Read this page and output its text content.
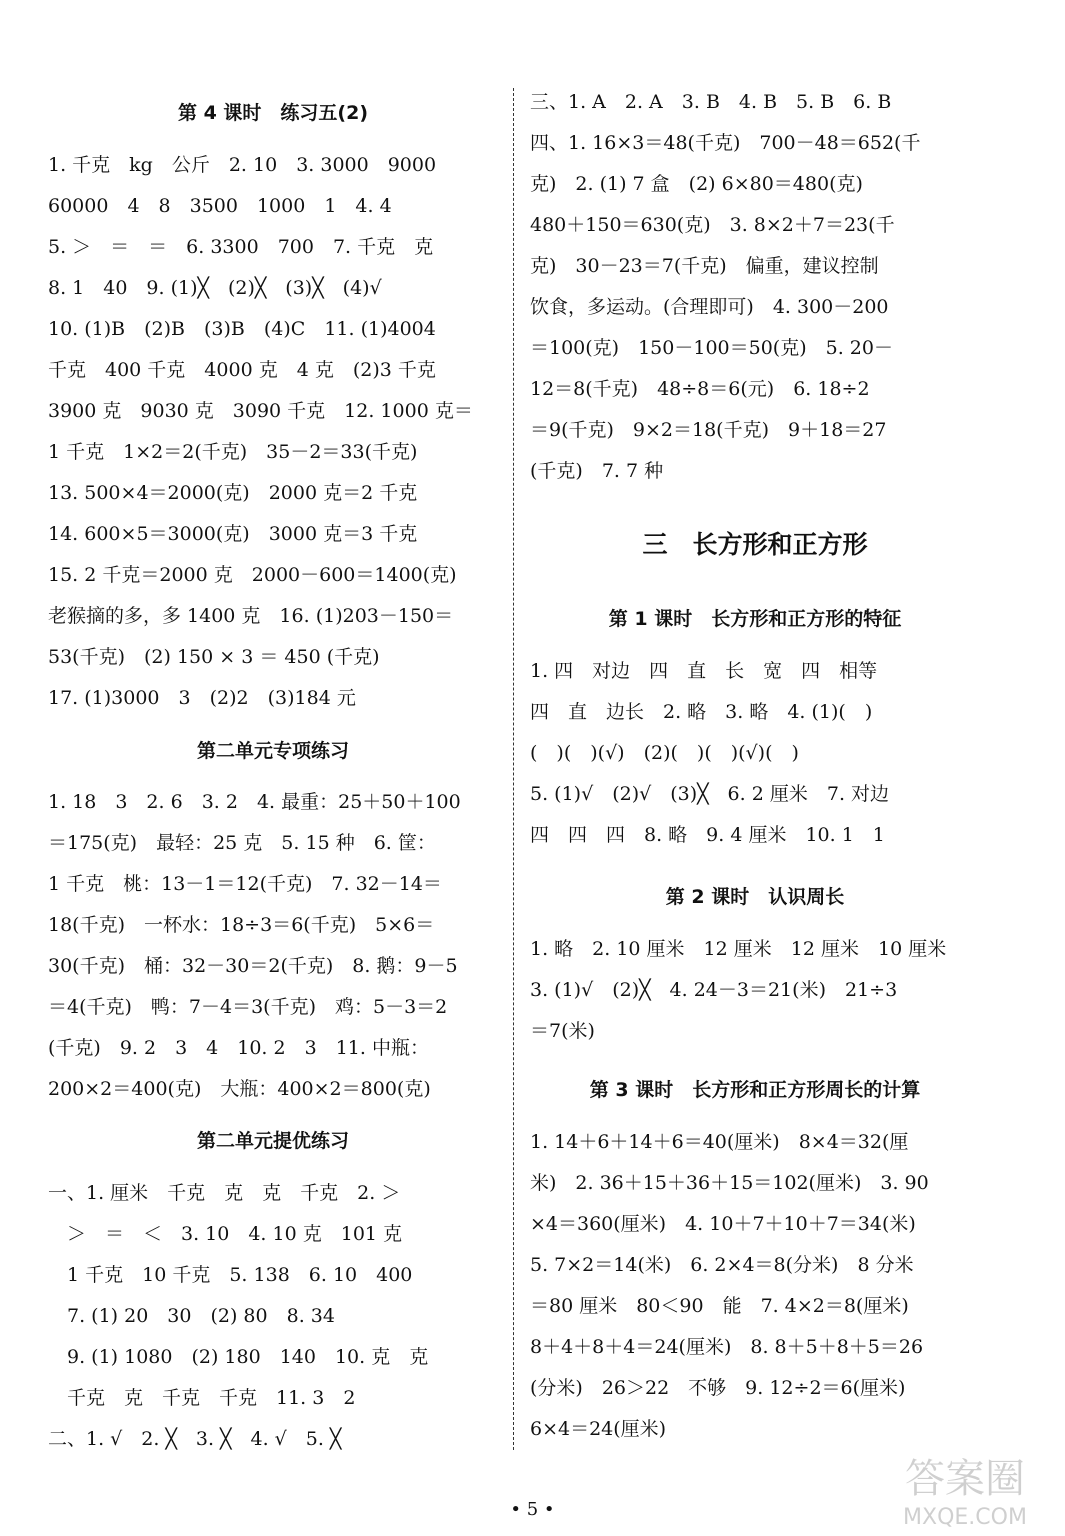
第 4 课时　练习五(2)
1. 千克　kg　公斤　2. 10　3. 3000　9000
60000　4　8　3500　1000　1　4. 4
5. ＞　＝　＝　6. 3300　700　7. 千克　克
8. 1　40　9. (1)╳　(2)╳　(3)╳　(4)√
10. (1)B　(2)B　(3)B　(4)C　11. (1)4004
千克　400 千克　4000 克　4 克　(2)3 千克
3900 克　9030 克　3090 千克　12. 1000 克＝
1 千克　1×2＝2(千克)　35－2＝33(千克)
13. 500×4＝2000(克)　2000 克＝2 千克
14. 600×5＝3000(克)　3000 克＝3 千克
15. 2 千克＝2000 克　2000－600＝1400(克)
老猴摘的多，多 1400 克　16. (1)203－150＝
53(千克)　(2) 150 × 3 ＝ 450 (千克)
17. (1)3000　3　(2)2　(3)184 元
第二单元专项练习
1. 18　3　2. 6　3. 2　4. 最重：25＋50＋100
＝175(克)　最轻：25 克　5. 15 种　6. 筐：
1 千克　桃：13－1＝12(千克)　7. 32－14＝
18(千克)　一杯水：18÷3＝6(千克)　5×6＝
30(千克)　桶：32－30＝2(千克)　8. 鹅：9－5
＝4(千克)　鸭：7－4＝3(千克)　鸡：5－3＝2
(千克)　9. 2　3　4　10. 2　3　11. 中瓶：
200×2＝400(克)　大瓶：400×2＝800(克)
第二单元提优练习
一、1. 厘米　千克　克　克　千克　2. ＞
　＞　＝　＜　3. 10　4. 10 克　101 克
　1 千克　10 千克　5. 138　6. 10　400
　7. (1) 20　30　(2) 80　8. 34
　9. (1) 1080　(2) 180　140　10. 克　克
　千克　克　千克　千克　11. 3　2
二、1. √　2. ╳　3. ╳　4. √　5. ╳
三、1. A　2. A　3. B　4. B　5. B　6. B
四、1. 16×3＝48(千克)　700－48＝652(千
克)　2. (1) 7 盒　(2) 6×80＝480(克)
480＋150＝630(克)　3. 8×2＋7＝23(千
克)　30－23＝7(千克)　偏重，建议控制
饮食，多运动。(合理即可)　4. 300－200
＝100(克)　150－100＝50(克)　5. 20－
12＝8(千克)　48÷8＝6(元)　6. 18÷2
＝9(千克)　9×2＝18(千克)　9＋18＝27
(千克)　7. 7 种
三　长方形和正方形
第 1 课时　长方形和正方形的特征
1. 四　对边　四　直　长　宽　四　相等
四　直　边长　2. 略　3. 略　4. (1)(　)
(　)(　)(√)　(2)(　)(　)(√)(　)
5. (1)√　(2)√　(3)╳　6. 2 厘米　7. 对边
四　四　四　8. 略　9. 4 厘米　10. 1　1
第 2 课时　认识周长
1. 略　2. 10 厘米　12 厘米　12 厘米　10 厘米
3. (1)√　(2)╳　4. 24－3＝21(米)　21÷3
＝7(米)
第 3 课时　长方形和正方形周长的计算
1. 14＋6＋14＋6＝40(厘米)　8×4＝32(厘
米)　2. 36＋15＋36＋15＝102(厘米)　3. 90
×4＝360(厘米)　4. 10＋7＋10＋7＝34(米)
5. 7×2＝14(米)　6. 2×4＝8(分米)　8 分米
＝80 厘米　80＜90　能　7. 4×2＝8(厘米)
8＋4＋8＋4＝24(厘米)　8. 8＋5＋8＋5＝26
(分米)　26＞22　不够　9. 12÷2＝6(厘米)
6×4＝24(厘米)
• 5 •
答案圈
MXQE.COM
